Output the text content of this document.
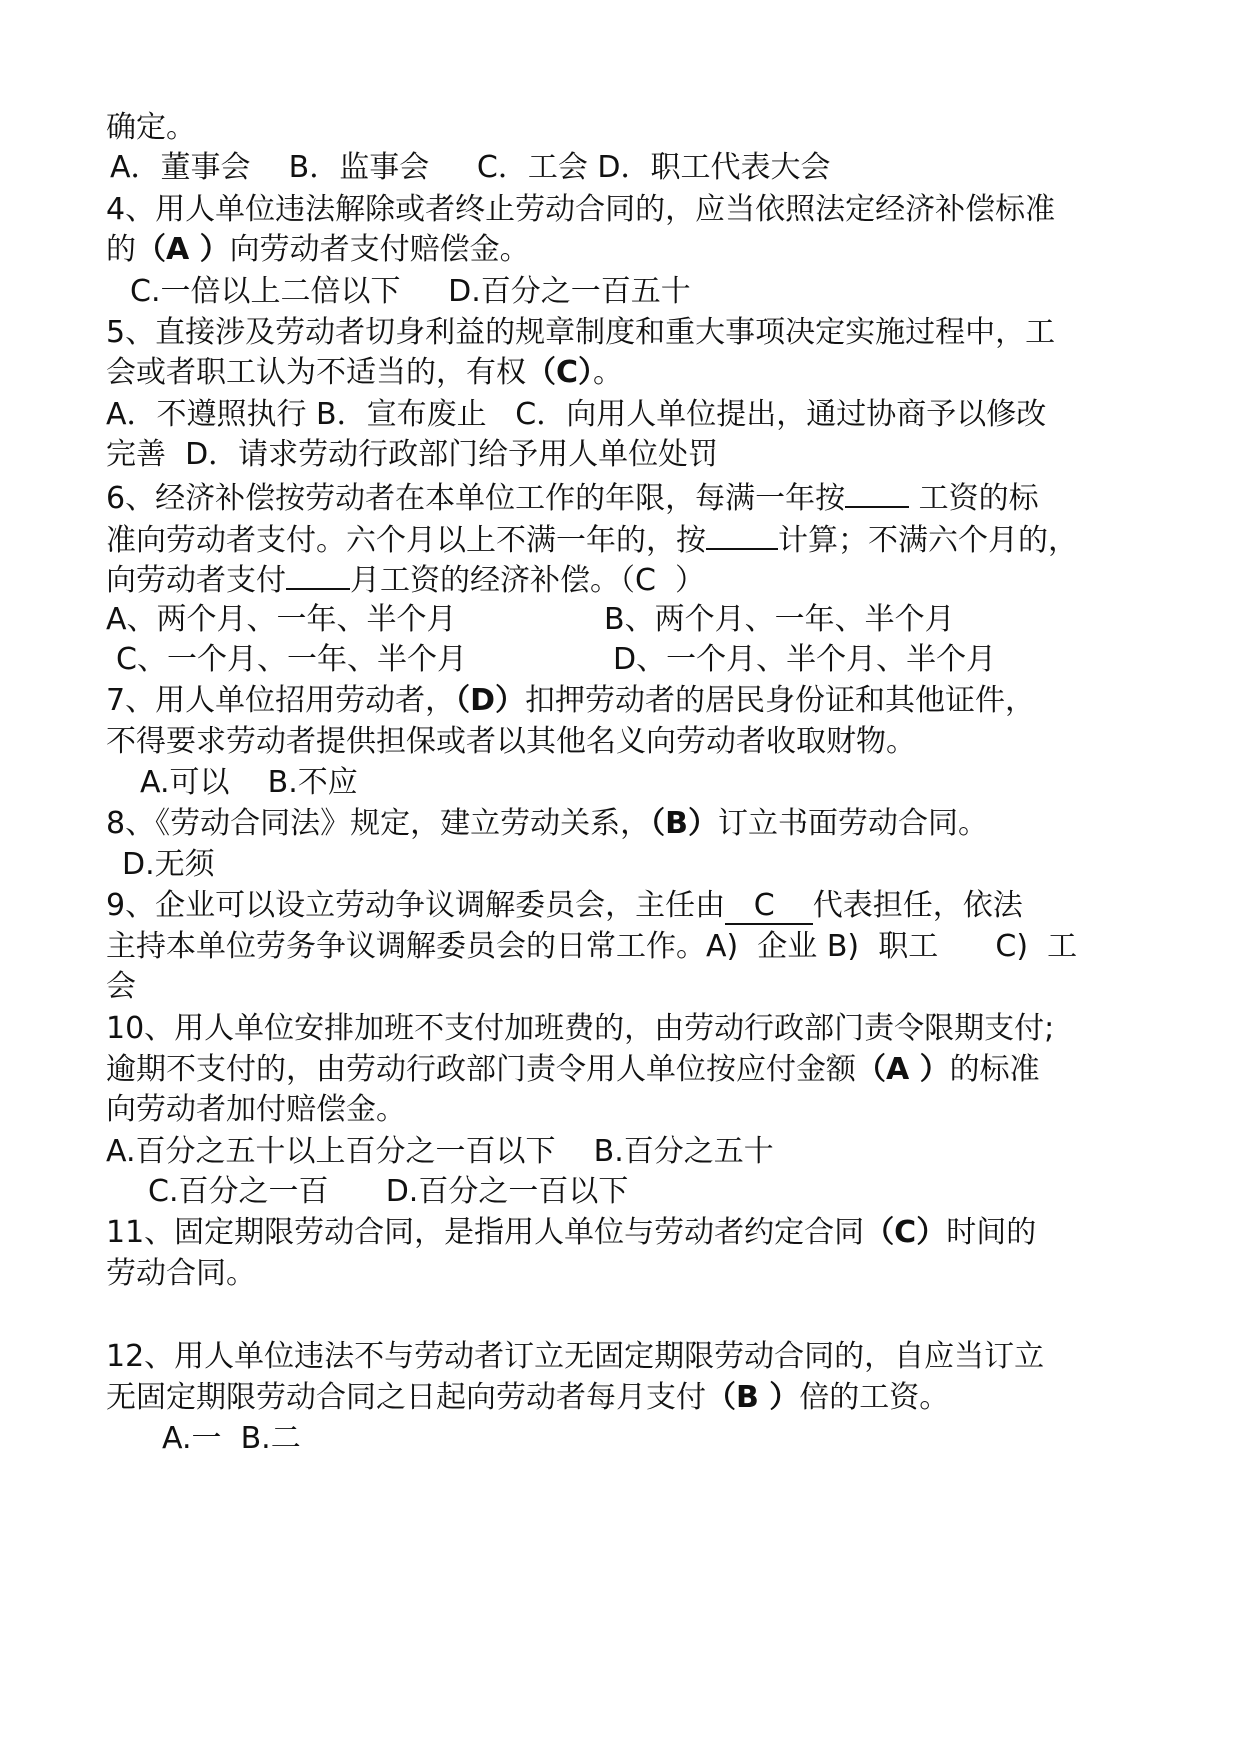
确定。
A．董事会    B．监事会     C．工会 D．职工代表大会
4、用人单位违法解除或者终止劳动合同的，应当依照法定经济补偿标准
的（A ）向劳动者支付赔偿金。
C.一倍以上二倍以下     D.百分之一百五十
5、直接涉及劳动者切身利益的规章制度和重大事项决定实施过程中，工
会或者职工认为不适当的，有权（C）。
A．不遵照执行 B．宣布废止   C．向用人单位提出，通过协商予以修改
完善  D．请求劳动行政部门给予用人单位处罚
6、经济补偿按劳动者在本单位工作的年限，每满一年按 工资的标
准向劳动者支付。六个月以上不满一年的，按 计算；不满六个月的，
向劳动者支付 月工资的经济补偿。（C  ）
A、两个月、一年、半个月	B、两个月、一年、半个月
C、一个月、一年、半个月	D、一个月、半个月、半个月
7、用人单位招用劳动者，（D）扣押劳动者的居民身份证和其他证件，
不得要求劳动者提供担保或者以其他名义向劳动者收取财物。
A.可以    B.不应
8、《劳动合同法》规定，建立劳动关系，（B）订立书面劳动合同。
D.无须
9、企业可以设立劳动争议调解委员会，主任由   C    代表担任，依法
主持本单位劳务争议调解委员会的日常工作。A)  企业 B)  职工      C)  工
会
10、用人单位安排加班不支付加班费的，由劳动行政部门责令限期支付;
逾期不支付的，由劳动行政部门责令用人单位按应付金额（A ）的标准
向劳动者加付赔偿金。
A.百分之五十以上百分之一百以下    B.百分之五十
C.百分之一百      D.百分之一百以下
11、固定期限劳动合同，是指用人单位与劳动者约定合同（C）时间的
劳动合同。
12、用人单位违法不与劳动者订立无固定期限劳动合同的，自应当订立
无固定期限劳动合同之日起向劳动者每月支付（B ）倍的工资。
A.一  B.二
